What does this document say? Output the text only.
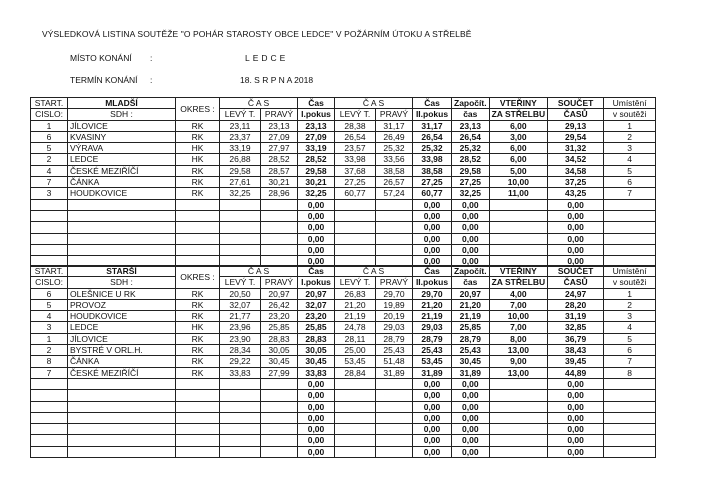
VÝSLEDKOVÁ LISTINA SOUTĚŽE "O POHÁR STAROSTY OBCE LEDCE" V POŽÁRNÍM ÚTOKU A STŘELBĚ
MÍSTO KONÁNÍ :	LEDCE
TERMÍN KONÁNÍ :	18. S R P N A 2018
START.	MLADŠÍ	OKRES :	Č A S		Čas	Č A S		Čas	Započít.	VTEŘINY	SOUČET	Umístění
CISLO:	SDH :		LEVÝ T.	PRAVÝ	I.pokus	LEVÝ T.	PRAVÝ	II.pokus	čas	ZA STŘELBU	ČASŮ	v soutěži
1	JÍLOVICE	RK	23,11	23,13	23,13	28,38	31,17	31,17	23,13	6,00	29,13	1
6	KVASINY	RK	23,37	27,09	27,09	26,54	26,49	26,54	26,54	3,00	29,54	2
5	VÝRAVA	HK	33,19	27,97	33,19	23,57	25,32	25,32	25,32	6,00	31,32	3
2	LEDCE	HK	26,88	28,52	28,52	33,98	33,56	33,98	28,52	6,00	34,52	4
4	ČESKÉ MEZIŘÍČÍ	RK	29,58	28,57	29,58	37,68	38,58	38,58	29,58	5,00	34,58	5
7	ČÁNKA	RK	27,61	30,21	30,21	27,25	26,57	27,25	27,25	10,00	37,25	6
3	HOUDKOVICE	RK	32,25	28,96	32,25	60,77	57,24	60,77	32,25	11,00	43,25	7
					0,00			0,00	0,00		0,00	
					0,00			0,00	0,00		0,00	
					0,00			0,00	0,00		0,00	
					0,00			0,00	0,00		0,00	
					0,00			0,00	0,00		0,00	
					0,00			0,00	0,00		0,00	
START.	STARŠÍ	OKRES :	Č A S		Čas	Č A S		Čas	Započít.	VTEŘINY	SOUČET	Umístění
CISLO:	SDH :		LEVÝ T.	PRAVÝ	I.pokus	LEVÝ T.	PRAVÝ	II.pokus	čas	ZA STŘELBU	ČASŮ	v soutěži
6	OLEŠNICE U RK	RK	20,50	20,97	20,97	26,83	29,70	29,70	20,97	4,00	24,97	1
5	PROVOZ	RK	32,07	26,42	32,07	21,20	19,89	21,20	21,20	7,00	28,20	2
4	HOUDKOVICE	RK	21,77	23,20	23,20	21,19	20,19	21,19	21,19	10,00	31,19	3
3	LEDCE	HK	23,96	25,85	25,85	24,78	29,03	29,03	25,85	7,00	32,85	4
1	JÍLOVICE	RK	23,90	28,83	28,83	28,11	28,79	28,79	28,79	8,00	36,79	5
2	BYSTRÉ V ORL.H.	RK	28,34	30,05	30,05	25,00	25,43	25,43	25,43	13,00	38,43	6
8	ČÁNKA	RK	29,22	30,45	30,45	53,45	51,48	53,45	30,45	9,00	39,45	7
7	ČESKÉ MEZIŘÍČÍ	RK	33,83	27,99	33,83	28,84	31,89	31,89	31,89	13,00	44,89	8
					0,00			0,00	0,00		0,00	
					0,00			0,00	0,00		0,00	
					0,00			0,00	0,00		0,00	
					0,00			0,00	0,00		0,00	
					0,00			0,00	0,00		0,00	
					0,00			0,00	0,00		0,00	
					0,00			0,00	0,00		0,00	
